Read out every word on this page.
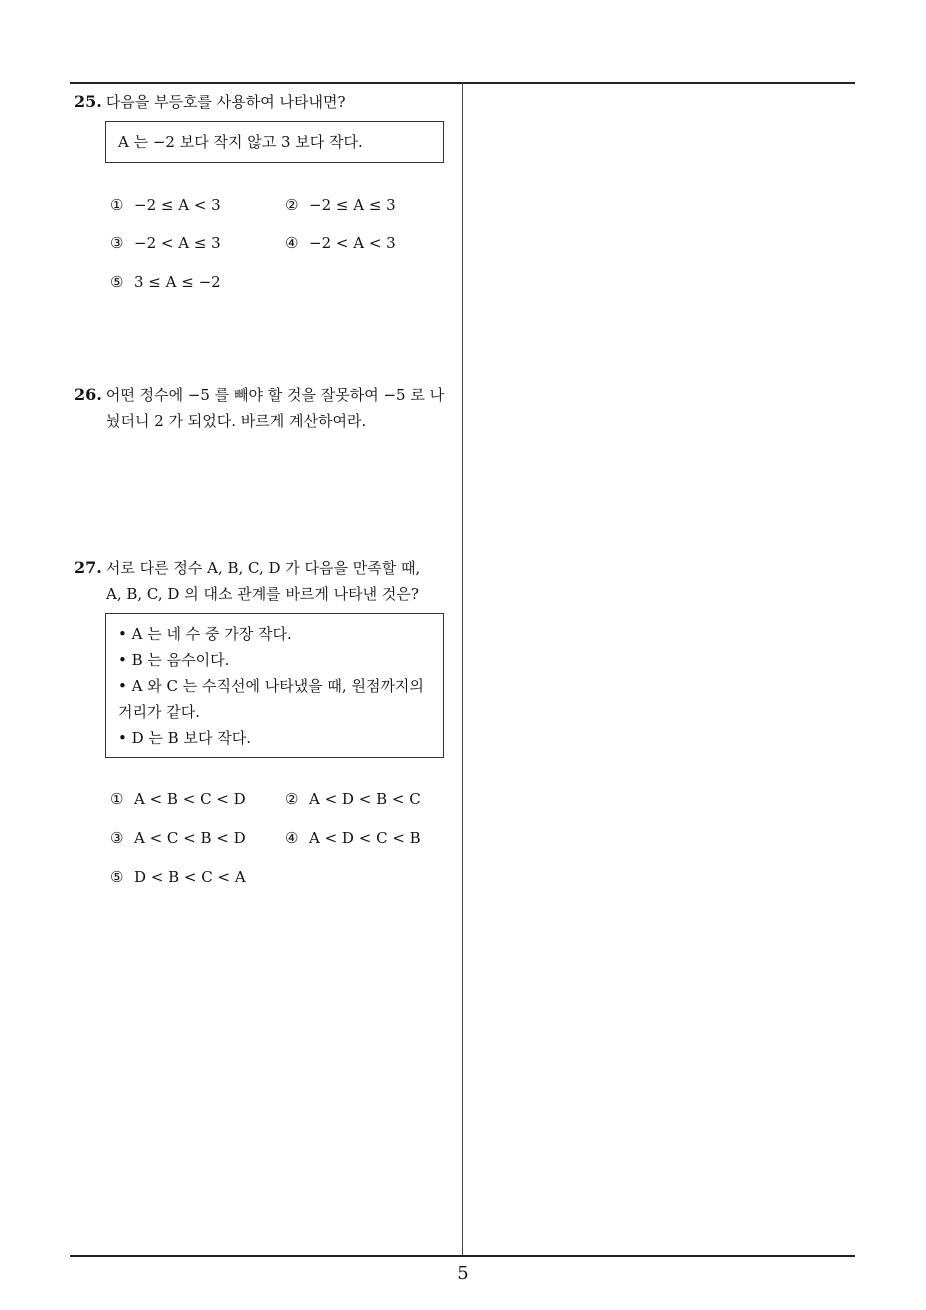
25. 다음을 부등호를 사용하여 나타내면?
A 는 −2 보다 작지 않고 3 보다 작다.
① −2 ≤ A < 3	② −2 ≤ A ≤ 3
③ −2 < A ≤ 3	④ −2 < A < 3
⑤ 3 ≤ A ≤ −2
26. 어떤 정수에 −5 를 빼야 할 것을 잘못하여 −5 로 나
눴더니 2 가 되었다. 바르게 계산하여라.
27. 서로 다른 정수 A, B, C, D 가 다음을 만족할 때,
A, B, C, D 의 대소 관계를 바르게 나타낸 것은?
• A 는 네 수 중 가장 작다.
• B 는 음수이다.
• A 와 C 는 수직선에 나타냈을 때, 원점까지의
거리가 같다.
• D 는 B 보다 작다.
① A < B < C < D	② A < D < B < C
③ A < C < B < D	④ A < D < C < B
⑤ D < B < C < A
5
